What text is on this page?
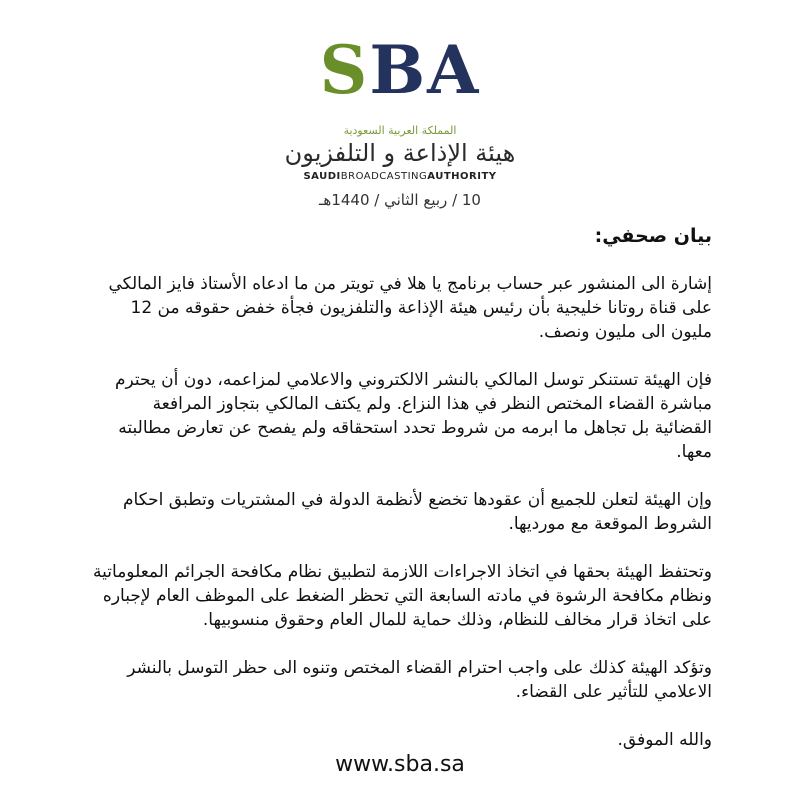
SBA
المملكة العربية السعودية
هيئة الإذاعة و التلفزيون
SAUDIBROADCASTINGAUTHORITY
10 / ربيع الثاني / 1440هـ
بيان صحفي:

إشارة الى المنشور عبر حساب برنامج يا هلا في تويتر من ما ادعاه الأستاذ فايز المالكي على قناة روتانا خليجية بأن رئيس هيئة الإذاعة والتلفزيون فجأة خفض حقوقه من 12 مليون الى مليون ونصف.

فإن الهيئة تستنكر توسل المالكي بالنشر الالكتروني والاعلامي لمزاعمه، دون أن يحترم مباشرة القضاء المختص النظر في هذا النزاع. ولم يكتف المالكي بتجاوز المرافعة القضائية بل تجاهل ما ابرمه من شروط تحدد استحقاقه ولم يفصح عن تعارض مطالبته معها.

وإن الهيئة لتعلن للجميع أن عقودها تخضع لأنظمة الدولة في المشتريات وتطبق احكام الشروط الموقعة مع مورديها.

وتحتفظ الهيئة بحقها في اتخاذ الاجراءات اللازمة لتطبيق نظام مكافحة الجرائم المعلوماتية ونظام مكافحة الرشوة في مادته السابعة التي تحظر الضغط على الموظف العام لإجباره على اتخاذ قرار مخالف للنظام، وذلك حماية للمال العام وحقوق منسوبيها.

وتؤكد الهيئة كذلك على واجب احترام القضاء المختص وتنوه الى حظر التوسل بالنشر الاعلامي للتأثير على القضاء.

والله الموفق.

www.sba.sa
